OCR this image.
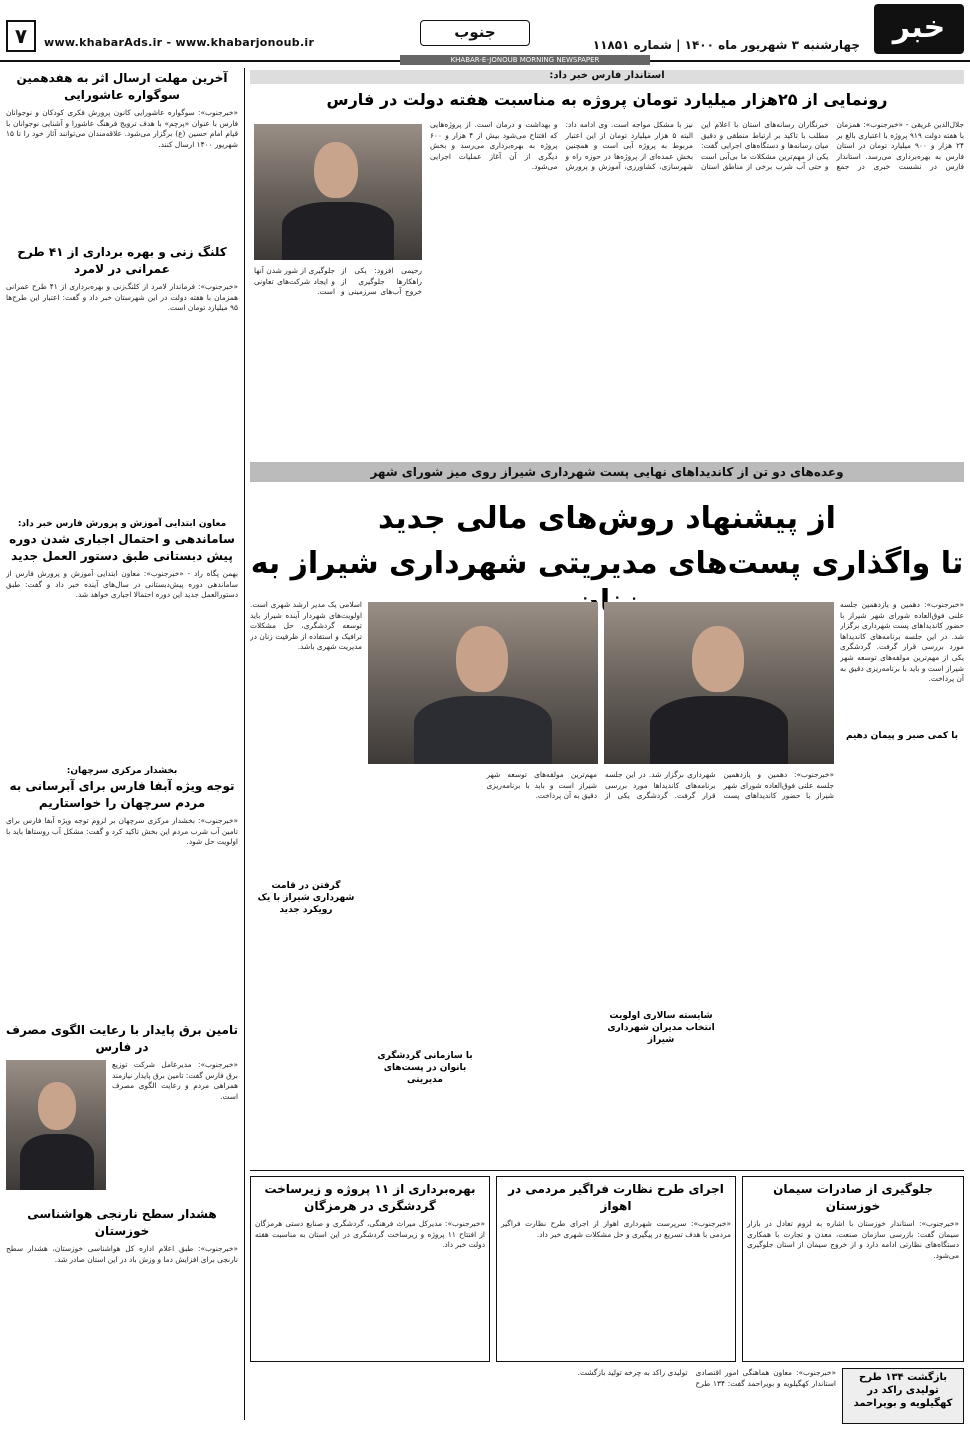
خبر
چهارشنبه ۳ شهریور ماه ۱۴۰۰ | شماره ۱۱۸۵۱
جنوب
www.khabarAds.ir - www.khabarjonoub.ir
۷
KHABAR-E-JONOUB MORNING NEWSPAPER
آخرین مهلت ارسال اثر به هفدهمین سوگواره عاشورایی
«خبرجنوب»: سوگواره عاشورایی کانون پرورش فکری کودکان و نوجوانان فارس با عنوان «پرچم» با هدف ترویج فرهنگ عاشورا و آشنایی نوجوانان با قیام امام حسین (ع) برگزار می‌شود. علاقه‌مندان می‌توانند آثار خود را تا ۱۵ شهریور ۱۴۰۰ ارسال کنند.
کلنگ زنی و بهره برداری از ۴۱ طرح عمرانی در لامرد
«خبرجنوب»: فرماندار لامرد از کلنگ‌زنی و بهره‌برداری از ۴۱ طرح عمرانی همزمان با هفته دولت در این شهرستان خبر داد و گفت: اعتبار این طرح‌ها ۹۵ میلیارد تومان است.
معاون ابتدایی آموزش و پرورش فارس خبر داد:
ساماندهی و احتمال اجباری شدن دوره پیش دبستانی طبق دستور العمل جدید
بهمن پگاه راد - «خبرجنوب»: معاون ابتدایی آموزش و پرورش فارس از ساماندهی دوره پیش‌دبستانی در سال‌های آینده خبر داد و گفت: طبق دستورالعمل جدید این دوره احتمالا اجباری خواهد شد.
بخشدار مرکزی سرچهان:
توجه ویژه آبفا فارس برای آبرسانی به مردم سرچهان را خواستاریم
«خبرجنوب»: بخشدار مرکزی سرچهان بر لزوم توجه ویژه آبفا فارس برای تامین آب شرب مردم این بخش تاکید کرد و گفت: مشکل آب روستاها باید با اولویت حل شود.
تامین برق پایدار با رعایت الگوی مصرف در فارس
«خبرجنوب»: مدیرعامل شرکت توزیع برق فارس گفت: تامین برق پایدار نیازمند همراهی مردم و رعایت الگوی مصرف است.
هشدار سطح نارنجی هواشناسی خوزستان
«خبرجنوب»: طبق اعلام اداره کل هواشناسی خوزستان، هشدار سطح نارنجی برای افزایش دما و وزش باد در این استان صادر شد.
استاندار فارس خبر داد:
رونمایی از ۲۵هزار میلیارد تومان پروژه به مناسبت هفته دولت در فارس
جلال‌الدین غریقی - «خبرجنوب»: همزمان با هفته دولت ۹۱۹ پروژه با اعتباری بالغ بر ۲۴ هزار و ۹۰۰ میلیارد تومان در استان فارس به بهره‌برداری می‌رسد. استاندار فارس در نشست خبری در جمع خبرنگاران رسانه‌های استان با اعلام این مطلب با تاکید بر ارتباط منطقی و دقیق میان رسانه‌ها و دستگاه‌های اجرایی گفت: یکی از مهم‌ترین مشکلات ما بی‌آبی است و حتی آب شرب برخی از مناطق استان نیز با مشکل مواجه است. وی ادامه داد: البته ۵ هزار میلیارد تومان از این اعتبار مربوط به پروژه آبی است و همچنین بخش عمده‌ای از پروژه‌ها در حوزه راه و شهرسازی، کشاورزی، آموزش و پرورش و بهداشت و درمان است. از پروژه‌هایی که افتتاح می‌شود بیش از ۴ هزار و ۶۰۰ پروژه به بهره‌برداری می‌رسد و بخش دیگری از آن آغاز عملیات اجرایی می‌شود.
رحیمی افزود: یکی از راهکارها جلوگیری از خروج آب‌های سرزمینی و جلوگیری از شور شدن آنها و ایجاد شرکت‌های تعاونی است.
وعده‌های دو تن از کاندیداهای نهایی پست شهرداری شیراز روی میز شورای شهر
از پیشنهاد روش‌های مالی جدید
تا واگذاری پست‌های مدیریتی شهرداری شیراز به
«خبرجنوب»: دهمین و یازدهمین جلسه علنی فوق‌العاده شورای شهر شیراز با حضور کاندیداهای پست شهرداری برگزار شد. در این جلسه برنامه‌های کاندیداها مورد بررسی قرار گرفت. گردشگری یکی از مهم‌ترین مولفه‌های توسعه شهر شیراز است و باید با برنامه‌ریزی دقیق به آن پرداخت.
با کمی صبر و پیمان دهیم
«خبرجنوب»: دهمین و یازدهمین جلسه علنی فوق‌العاده شورای شهر شیراز با حضور کاندیداهای پست شهرداری برگزار شد. در این جلسه برنامه‌های کاندیداها مورد بررسی قرار گرفت. گردشگری یکی از مهم‌ترین مولفه‌های توسعه شهر شیراز است و باید با برنامه‌ریزی دقیق به آن پرداخت.
شایسته سالاری اولویت انتخاب مدیران شهرداری شیراز
با سازمانی گردشگری بانوان در پست‌های مدیریتی
اسلامی یک مدیر ارشد شهری است. اولویت‌های شهردار آینده شیراز باید توسعه گردشگری، حل مشکلات ترافیک و استفاده از ظرفیت زنان در مدیریت شهری باشد.
گرفتن در قامت شهرداری شیراز با یک رویکرد جدید
جلوگیری از صادرات سیمان خوزستان
«خبرجنوب»: استاندار خوزستان با اشاره به لزوم تعادل در بازار سیمان گفت: بازرسی سازمان صنعت، معدن و تجارت با همکاری دستگاه‌های نظارتی ادامه دارد و از خروج سیمان از استان جلوگیری می‌شود.
اجرای طرح نظارت فراگیر مردمی در اهواز
«خبرجنوب»: سرپرست شهرداری اهواز از اجرای طرح نظارت فراگیر مردمی با هدف تسریع در پیگیری و حل مشکلات شهری خبر داد.
بهره‌برداری از ۱۱ پروژه و زیرساخت گردشگری در هرمزگان
«خبرجنوب»: مدیرکل میراث فرهنگی، گردشگری و صنایع دستی هرمزگان از افتتاح ۱۱ پروژه و زیرساخت گردشگری در این استان به مناسبت هفته دولت خبر داد.
بازگشت ۱۳۴ طرح تولیدی راکد در کهگیلویه و بویراحمد
«خبرجنوب»: معاون هماهنگی امور اقتصادی استاندار کهگیلویه و بویراحمد گفت: ۱۳۴ طرح تولیدی راکد به چرخه تولید بازگشت.
